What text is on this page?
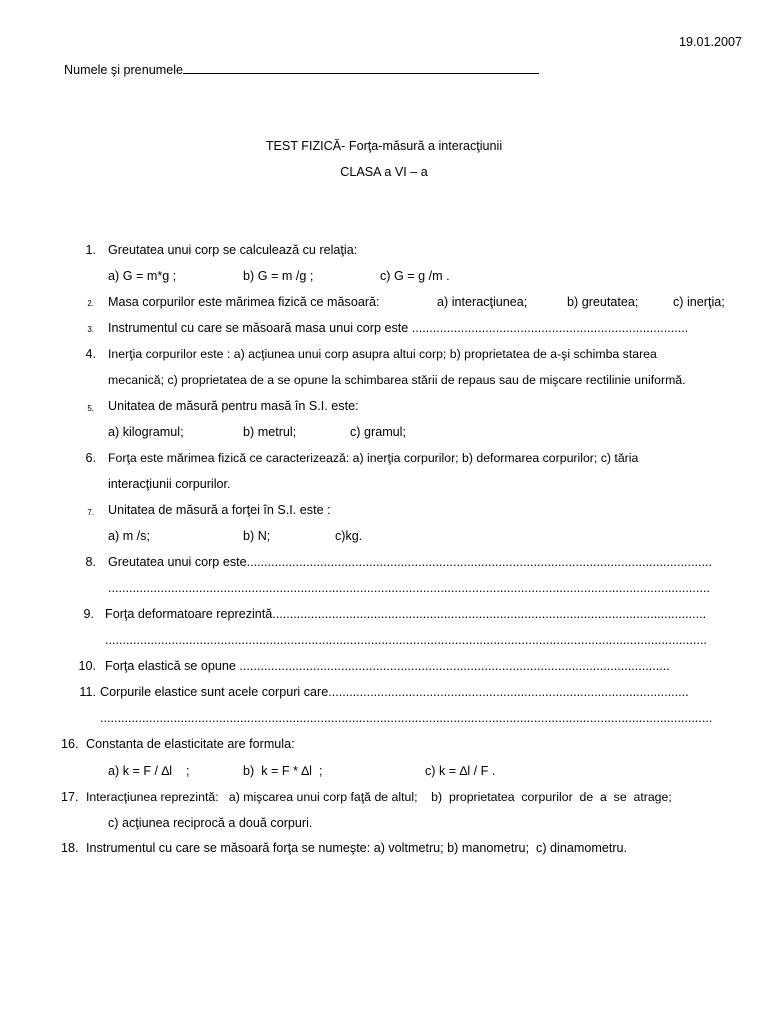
19.01.2007
Numele şi prenumele
TEST FIZICĂ- Forţa-măsură a interacţiunii
CLASA a VI – a
1. Greutatea unui corp se calculează cu relaţia:
a) G = m*g ;	b) G = m /g ;	c) G = g /m .
2. Masa corpurilor este mărimea fizică ce măsoară:	a) interacţiunea;	b) greutatea;	c) inerţia;
3. Instrumentul cu care se măsoară masa unui corp este ...............................................................................
4. Inerţia corpurilor este : a) acţiunea unui corp asupra altui corp; b) proprietatea de a-şi schimba starea
mecanică; c) proprietatea de a se opune la schimbarea stării de repaus sau de mişcare rectilinie uniformă.
5. Unitatea de măsură pentru masă în S.I. este:
a) kilogramul;	b) metrul;	c) gramul;
6. Forţa este mărimea fizică ce caracterizează: a) inerţia corpurilor; b) deformarea corpurilor; c) tăria
interacţiunii corpurilor.
7. Unitatea de măsură a forţei în S.I. este :
a) m /s;	b) N;	c)kg.
8. Greutatea unui corp este.....................................................................................................................................
............................................................................................................................................................................
9. Forţa deformatoare reprezintă............................................................................................................................
............................................................................................................................................................................
10. Forţa elastică se opune ...........................................................................................................................
11. Corpurile elastice sunt acele corpuri care.......................................................................................................
...............................................................................................................................................................................
16. Constanta de elasticitate are formula:
a) k = F / ∆l    ;	b)  k = F * ∆l  ;	c) k = ∆l / F .
17. Interacţiunea reprezintă:   a) mişcarea unui corp faţă de altul;    b)  proprietatea  corpurilor  de  a  se  atrage;
c) acţiunea reciprocă a două corpuri.
18. Instrumentul cu care se măsoară forţa se numeşte: a) voltmetru; b) manometru;  c) dinamometru.
